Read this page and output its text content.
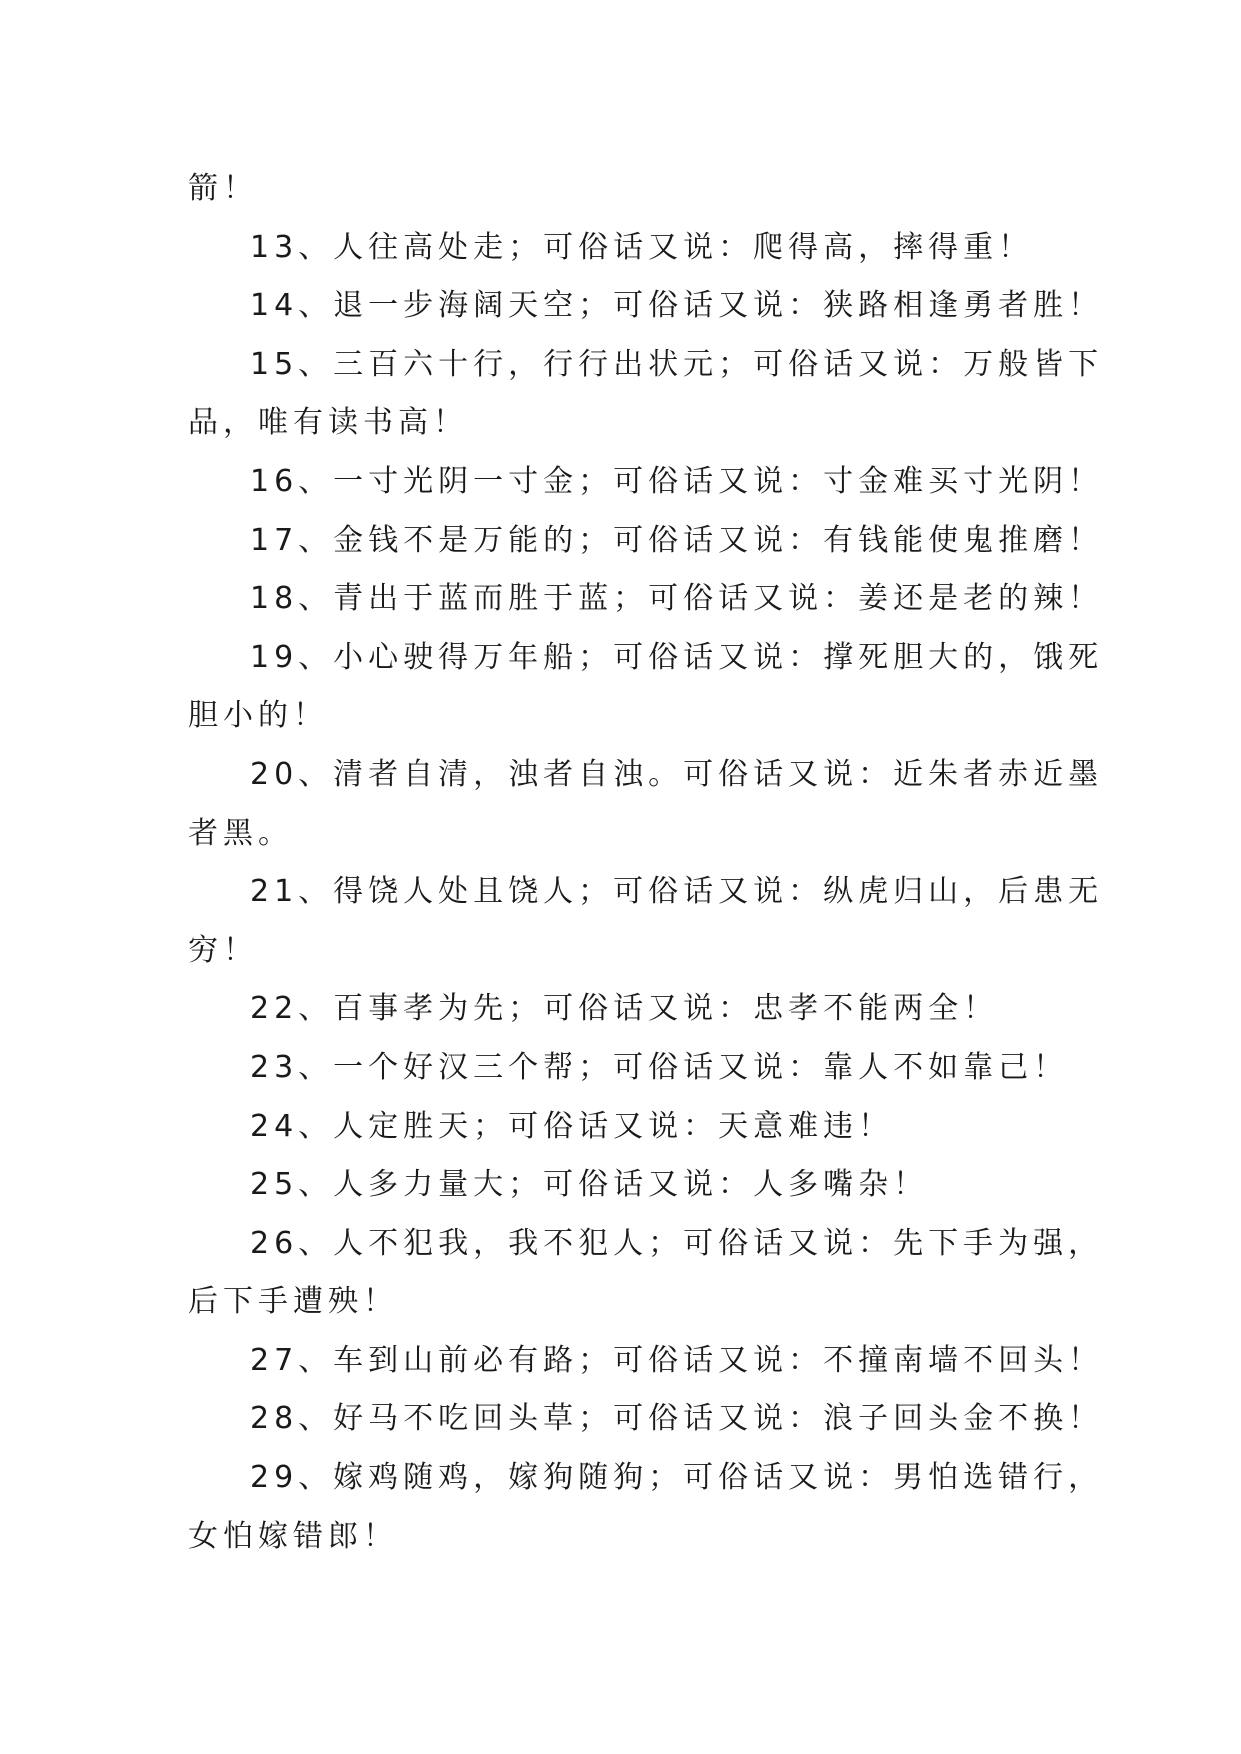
箭！
13、人往高处走；可俗话又说：爬得高，摔得重！
14、退一步海阔天空；可俗话又说：狭路相逢勇者胜！
15、三百六十行，行行出状元；可俗话又说：万般皆下
品，唯有读书高！
16、一寸光阴一寸金；可俗话又说：寸金难买寸光阴！
17、金钱不是万能的；可俗话又说：有钱能使鬼推磨！
18、青出于蓝而胜于蓝；可俗话又说：姜还是老的辣！
19、小心驶得万年船；可俗话又说：撑死胆大的，饿死
胆小的！
20、清者自清，浊者自浊。可俗话又说：近朱者赤近墨
者黑。
21、得饶人处且饶人；可俗话又说：纵虎归山，后患无
穷！
22、百事孝为先；可俗话又说：忠孝不能两全！
23、一个好汉三个帮；可俗话又说：靠人不如靠己！
24、人定胜天；可俗话又说：天意难违！
25、人多力量大；可俗话又说：人多嘴杂！
26、人不犯我，我不犯人；可俗话又说：先下手为强，
后下手遭殃！
27、车到山前必有路；可俗话又说：不撞南墙不回头！
28、好马不吃回头草；可俗话又说：浪子回头金不换！
29、嫁鸡随鸡，嫁狗随狗；可俗话又说：男怕选错行，
女怕嫁错郎！
